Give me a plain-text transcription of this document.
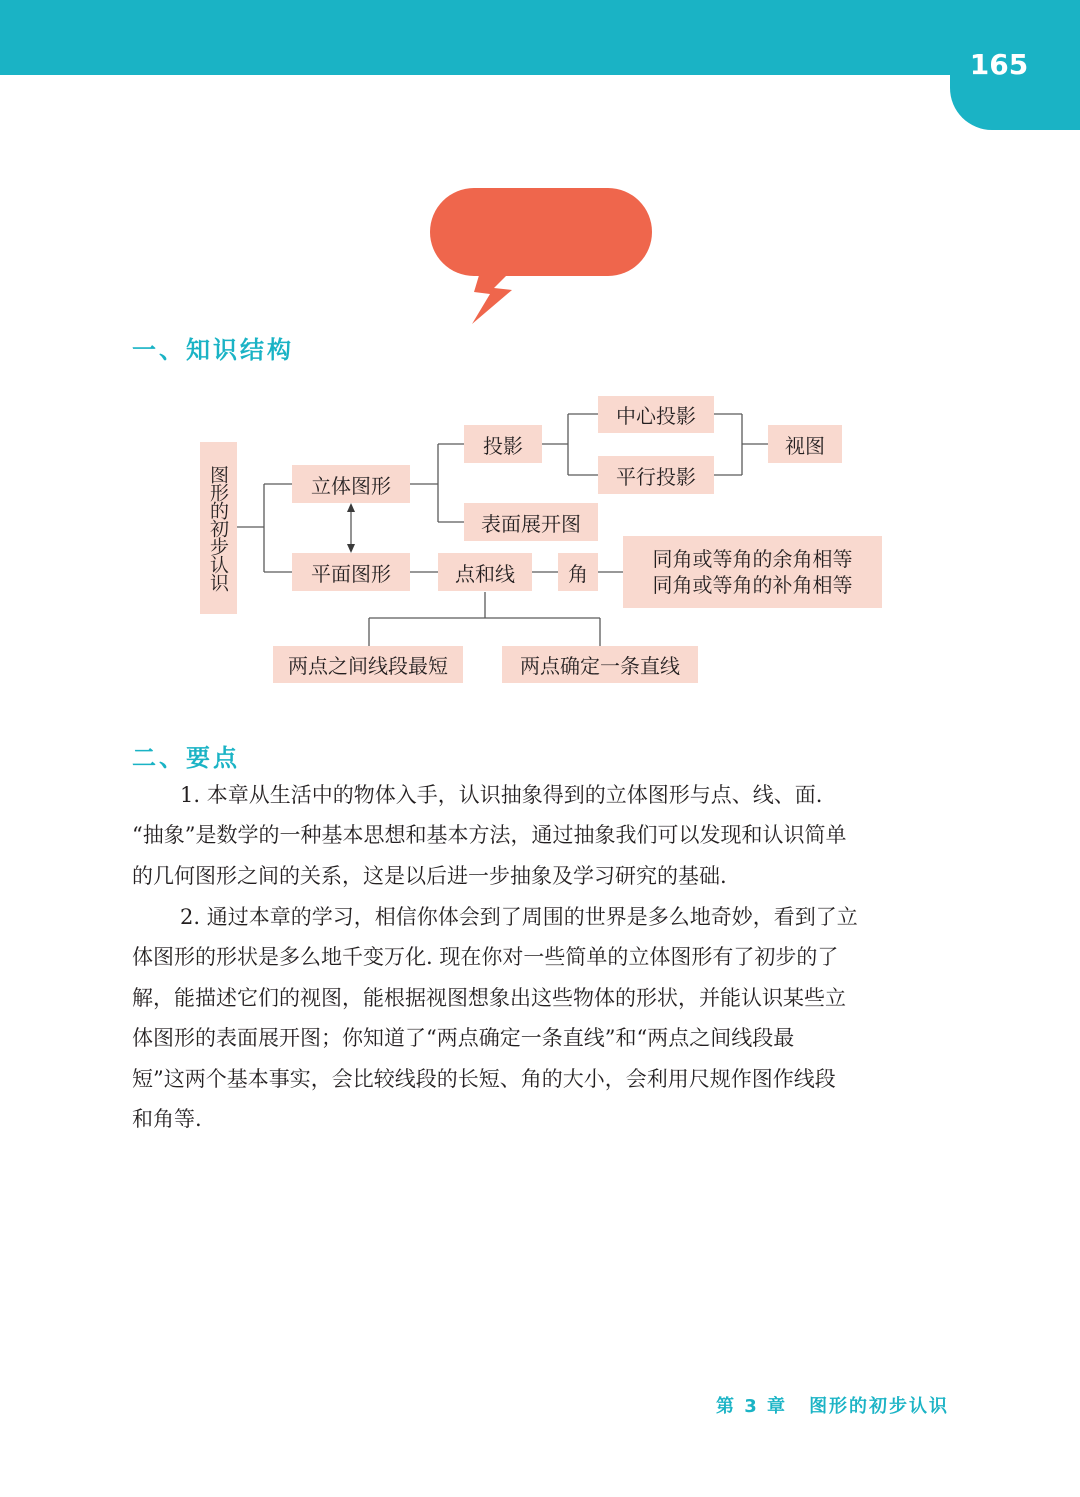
165
一、知识结构
图形的初步认识	立体图形
平面图形
投影
中心投影
平行投影
视图
表面展开图
点和线	角
同角或等角的余角相等
同角或等角的补角相等
两点之间线段最短	两点确定一条直线
二、要点

1. 本章从生活中的物体入手，认识抽象得到的立体图形与点、线、面.
“抽象”是数学的一种基本思想和基本方法，通过抽象我们可以发现和认识简单
的几何图形之间的关系，这是以后进一步抽象及学习研究的基础.

2. 通过本章的学习，相信你体会到了周围的世界是多么地奇妙，看到了立
体图形的形状是多么地千变万化. 现在你对一些简单的立体图形有了初步的了
解，能描述它们的视图，能根据视图想象出这些物体的形状，并能认识某些立
体图形的表面展开图；你知道了“两点确定一条直线”和“两点之间线段最
短”这两个基本事实，会比较线段的长短、角的大小，会利用尺规作图作线段
和角等.

第 3 章 图形的初步认识
